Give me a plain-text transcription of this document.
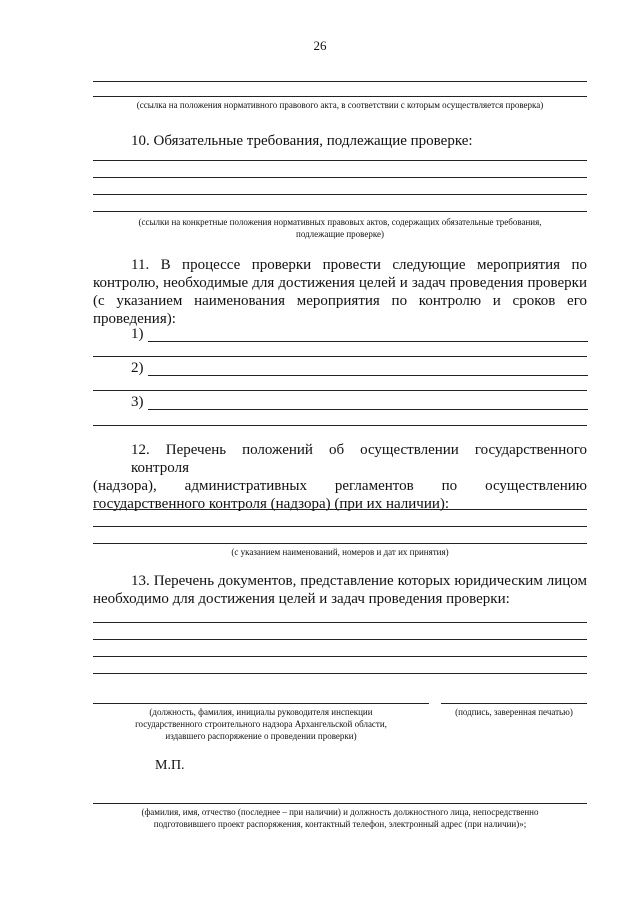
26
(ссылка на положения нормативного правового акта, в соответствии с которым осуществляется проверка)
10. Обязательные требования, подлежащие проверке:
(ссылки на конкретные положения нормативных правовых актов, содержащих обязательные требования,
подлежащие проверке)
11. В процессе проверки провести следующие мероприятия по
контролю, необходимые для достижения целей и задач проведения проверки
(с указанием наименования мероприятия по контролю и сроков его
проведения):
1)
2)
3)
12. Перечень положений об осуществлении государственного контроля
(надзора), административных регламентов по осуществлению
государственного контроля (надзора) (при их наличии):
(с указанием наименований, номеров и дат их принятия)
13. Перечень документов, представление которых юридическим лицом
необходимо для достижения целей и задач проведения проверки:
(должность, фамилия, инициалы руководителя инспекции
государственного строительного надзора Архангельской области,
издавшего распоряжение о проведении проверки)
(подпись, заверенная печатью)
М.П.
(фамилия, имя, отчество (последнее – при наличии) и должность должностного лица, непосредственно
подготовившего проект распоряжения, контактный телефон, электронный адрес (при наличии)»;
